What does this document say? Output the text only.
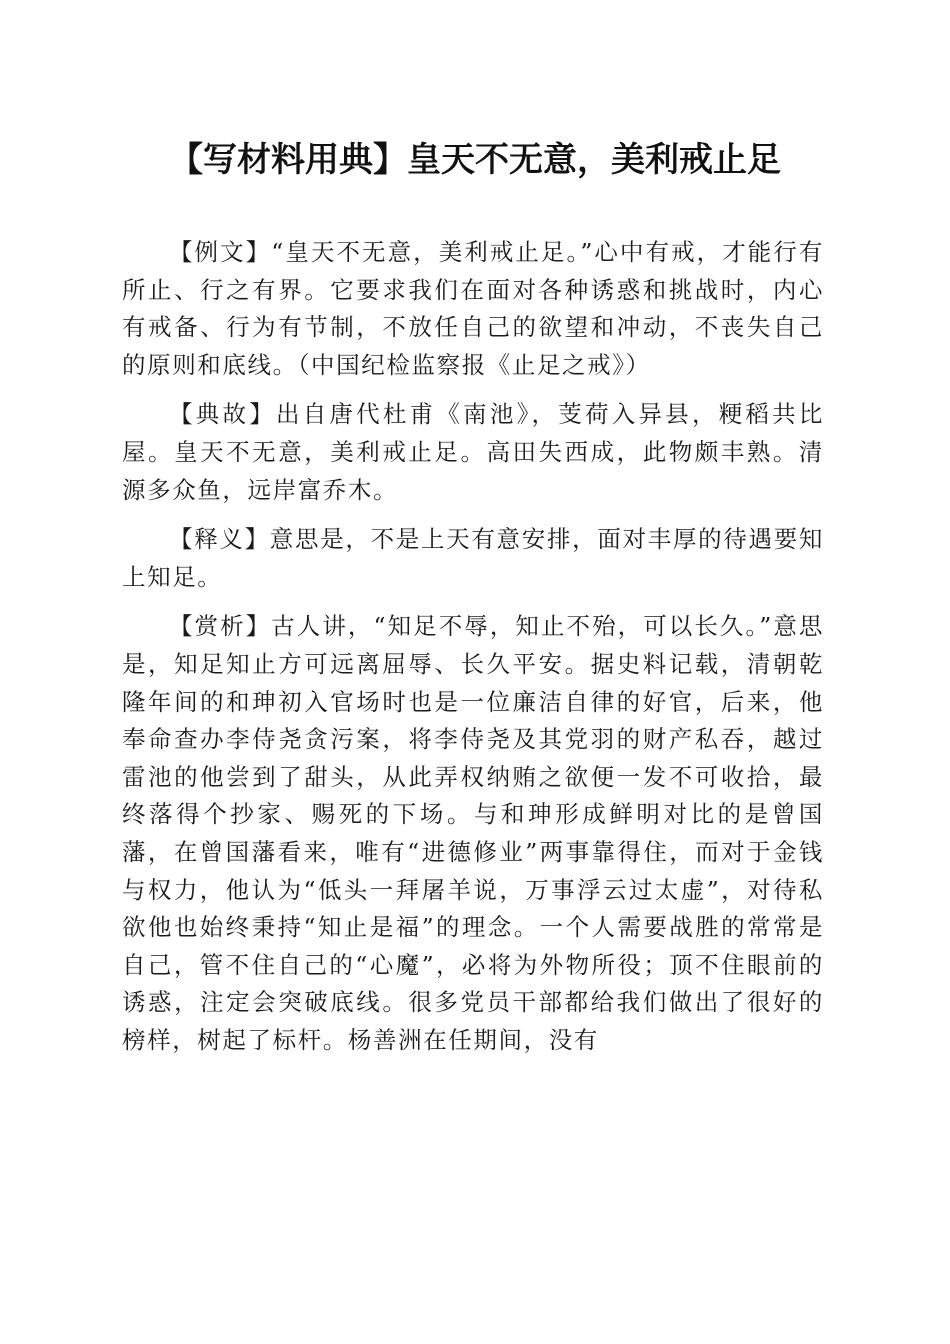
【写材料用典】皇天不无意，美利戒止足

【例文】“皇天不无意，美利戒止足。”心中有戒，才能行有所止、行之有界。它要求我们在面对各种诱惑和挑战时，内心有戒备、行为有节制，不放任自己的欲望和冲动，不丧失自己的原则和底线。（中国纪检监察报《止足之戒》）

【典故】出自唐代杜甫《南池》，芰荷入异县，粳稻共比屋。皇天不无意，美利戒止足。高田失西成，此物颇丰熟。清源多众鱼，远岸富乔木。

【释义】意思是，不是上天有意安排，面对丰厚的待遇要知上知足。

【赏析】古人讲，“知足不辱，知止不殆，可以长久。”意思是，知足知止方可远离屈辱、长久平安。据史料记载，清朝乾隆年间的和珅初入官场时也是一位廉洁自律的好官，后来，他奉命查办李侍尧贪污案，将李侍尧及其党羽的财产私吞，越过雷池的他尝到了甜头，从此弄权纳贿之欲便一发不可收拾，最终落得个抄家、赐死的下场。与和珅形成鲜明对比的是曾国藩，在曾国藩看来，唯有“进德修业”两事靠得住，而对于金钱与权力，他认为“低头一拜屠羊说，万事浮云过太虚”，对待私欲他也始终秉持“知止是福”的理念。一个人需要战胜的常常是自己，管不住自己的“心魔”，必将为外物所役；顶不住眼前的诱惑，注定会突破底线。很多党员干部都给我们做出了很好的榜样，树起了标杆。杨善洲在任期间，没有
